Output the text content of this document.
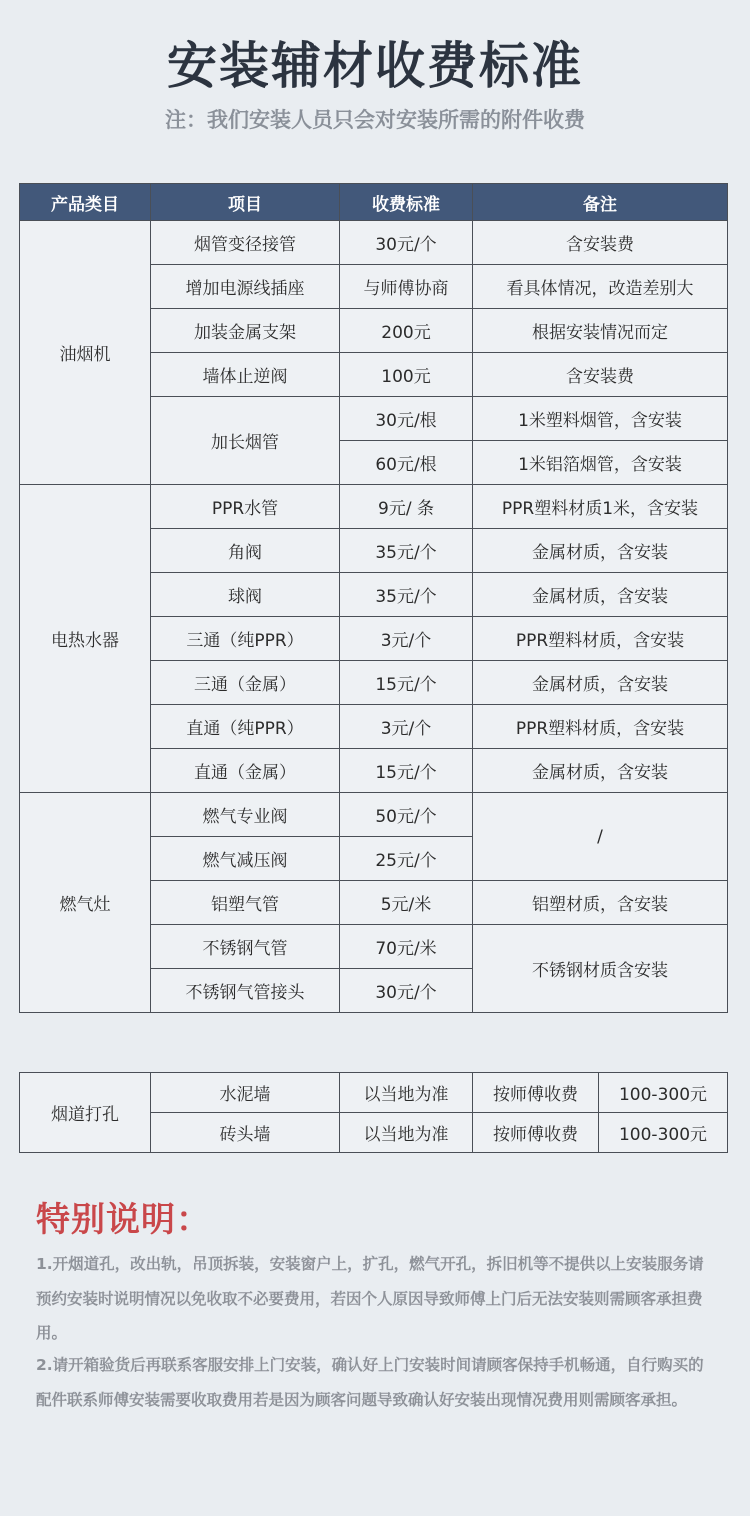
安装辅材收费标准
注：我们安装人员只会对安装所需的附件收费
产品类目	项目	收费标准	备注
油烟机	烟管变径接管	30元/个	含安装费
	增加电源线插座	与师傅协商	看具体情况，改造差别大
	加装金属支架	200元	根据安装情况而定
	墙体止逆阀	100元	含安装费
	加长烟管	30元/根	1米塑料烟管，含安装
		60元/根	1米铝箔烟管，含安装
电热水器	PPR水管	9元/ 条	PPR塑料材质1米，含安装
	角阀	35元/个	金属材质，含安装
	球阀	35元/个	金属材质，含安装
	三通（纯PPR）	3元/个	PPR塑料材质，含安装
	三通（金属）	15元/个	金属材质，含安装
	直通（纯PPR）	3元/个	PPR塑料材质，含安装
	直通（金属）	15元/个	金属材质，含安装
燃气灶	燃气专业阀	50元/个	/
	燃气减压阀	25元/个	
	铝塑气管	5元/米	铝塑材质，含安装
	不锈钢气管	70元/米	不锈钢材质含安装
	不锈钢气管接头	30元/个	
烟道打孔	水泥墙	以当地为准	按师傅收费	100-300元
	砖头墙	以当地为准	按师傅收费	100-300元
特别说明：
1.开烟道孔，改出轨，吊顶拆装，安装窗户上，扩孔，燃气开孔，拆旧机等不提供以上安装服务请预约安装时说明情况以免收取不必要费用，若因个人原因导致师傅上门后无法安装则需顾客承担费用。
2.请开箱验货后再联系客服安排上门安装，确认好上门安装时间请顾客保持手机畅通，自行购买的配件联系师傅安装需要收取费用若是因为顾客问题导致确认好安装出现情况费用则需顾客承担。
